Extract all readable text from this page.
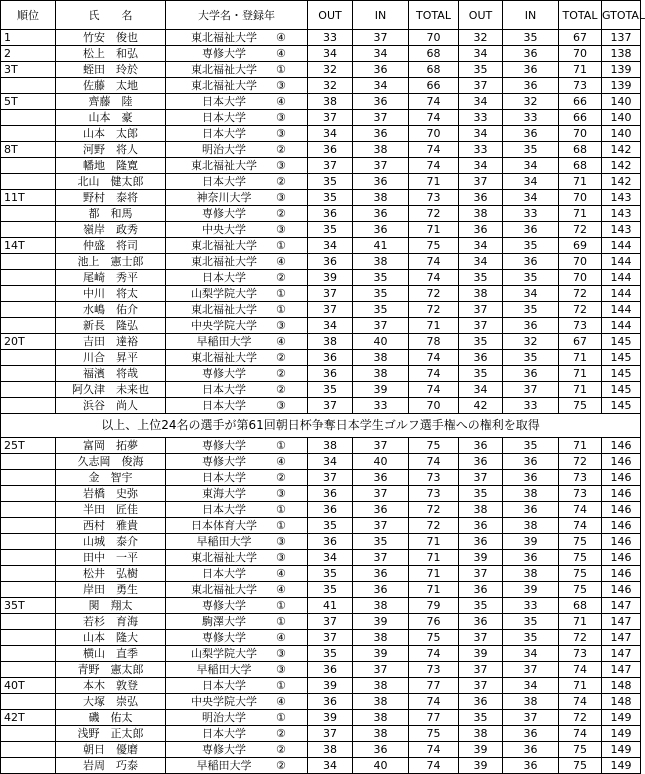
順位	氏　　名	大学名・登録年	OUT	IN	TOTAL	OUT	IN	TOTAL	GTOTAL
1	竹安　俊也	東北福祉大学 ④	33	37	70	32	35	67	137
2	松上　和弘	専修大学 ④	34	34	68	34	36	70	138
3T	蛭田　玲於	東北福祉大学 ①	32	36	68	35	36	71	139
	佐藤　太地	東北福祉大学 ③	32	34	66	37	36	73	139
5T	齊藤　陸	日本大学 ④	38	36	74	34	32	66	140
	山本　豪	日本大学 ③	37	37	74	33	33	66	140
	山本　太郎	日本大学 ③	34	36	70	34	36	70	140
8T	河野　将人	明治大学 ②	36	38	74	33	35	68	142
	幡地　隆寛	東北福祉大学 ③	37	37	74	34	34	68	142
	北山　健太郎	日本大学 ②	35	36	71	37	34	71	142
11T	野村　泰将	神奈川大学 ③	35	38	73	36	34	70	143
	都　和馬	専修大学 ②	36	36	72	38	33	71	143
	嶺岸　政秀	中央大学 ③	35	36	71	36	36	72	143
14T	仲盛　将司	東北福祉大学 ①	34	41	75	34	35	69	144
	池上　憲士郎	東北福祉大学 ④	36	38	74	34	36	70	144
	尾崎　秀平	日本大学 ②	39	35	74	35	35	70	144
	中川　将太	山梨学院大学 ①	37	35	72	38	34	72	144
	水嶋　佑介	東北福祉大学 ①	37	35	72	37	35	72	144
	新長　隆弘	中央学院大学 ③	34	37	71	37	36	73	144
20T	吉田　達裕	早稲田大学 ④	38	40	78	35	32	67	145
	川合　昇平	東北福祉大学 ②	36	38	74	36	35	71	145
	福濱　将哉	専修大学 ②	36	38	74	35	36	71	145
	阿久津　未来也	日本大学 ②	35	39	74	34	37	71	145
	浜谷　尚人	日本大学 ③	37	33	70	42	33	75	145
以上、上位24名の選手が第61回朝日杯争奪日本学生ゴルフ選手権への権利を取得									
25T	富岡　拓夢	専修大学 ①	38	37	75	36	35	71	146
	久志岡　俊海	専修大学 ④	34	40	74	36	36	72	146
	金　智宇	日本大学 ②	37	36	73	37	36	73	146
	岩橋　史弥	東海大学 ③	36	37	73	35	38	73	146
	半田　匠佳	日本大学 ①	36	36	72	38	36	74	146
	西村　雅貴	日本体育大学 ①	35	37	72	36	38	74	146
	山城　泰介	早稲田大学 ③	36	35	71	36	39	75	146
	田中　一平	東北福祉大学 ③	34	37	71	39	36	75	146
	松井　弘樹	日本大学 ④	35	36	71	37	38	75	146
	岸田　勇生	東北福祉大学 ④	35	36	71	36	39	75	146
35T	関　翔太	専修大学 ①	41	38	79	35	33	68	147
	若杉　育海	駒澤大学 ①	37	39	76	36	35	71	147
	山本　隆大	専修大学 ④	37	38	75	37	35	72	147
	横山　直季	山梨学院大学 ③	35	39	74	39	34	73	147
	青野　憲太郎	早稲田大学 ③	36	37	73	37	37	74	147
40T	本木　敦登	日本大学 ①	39	38	77	37	34	71	148
	大塚　崇弘	中央学院大学 ④	36	38	74	36	38	74	148
42T	磯　佑太	明治大学 ①	39	38	77	35	37	72	149
	浅野　正太郎	日本大学 ②	37	38	75	38	36	74	149
	朝日　優磨	専修大学 ②	38	36	74	39	36	75	149
	岩周　巧泰	早稲田大学 ②	34	40	74	39	36	75	149
